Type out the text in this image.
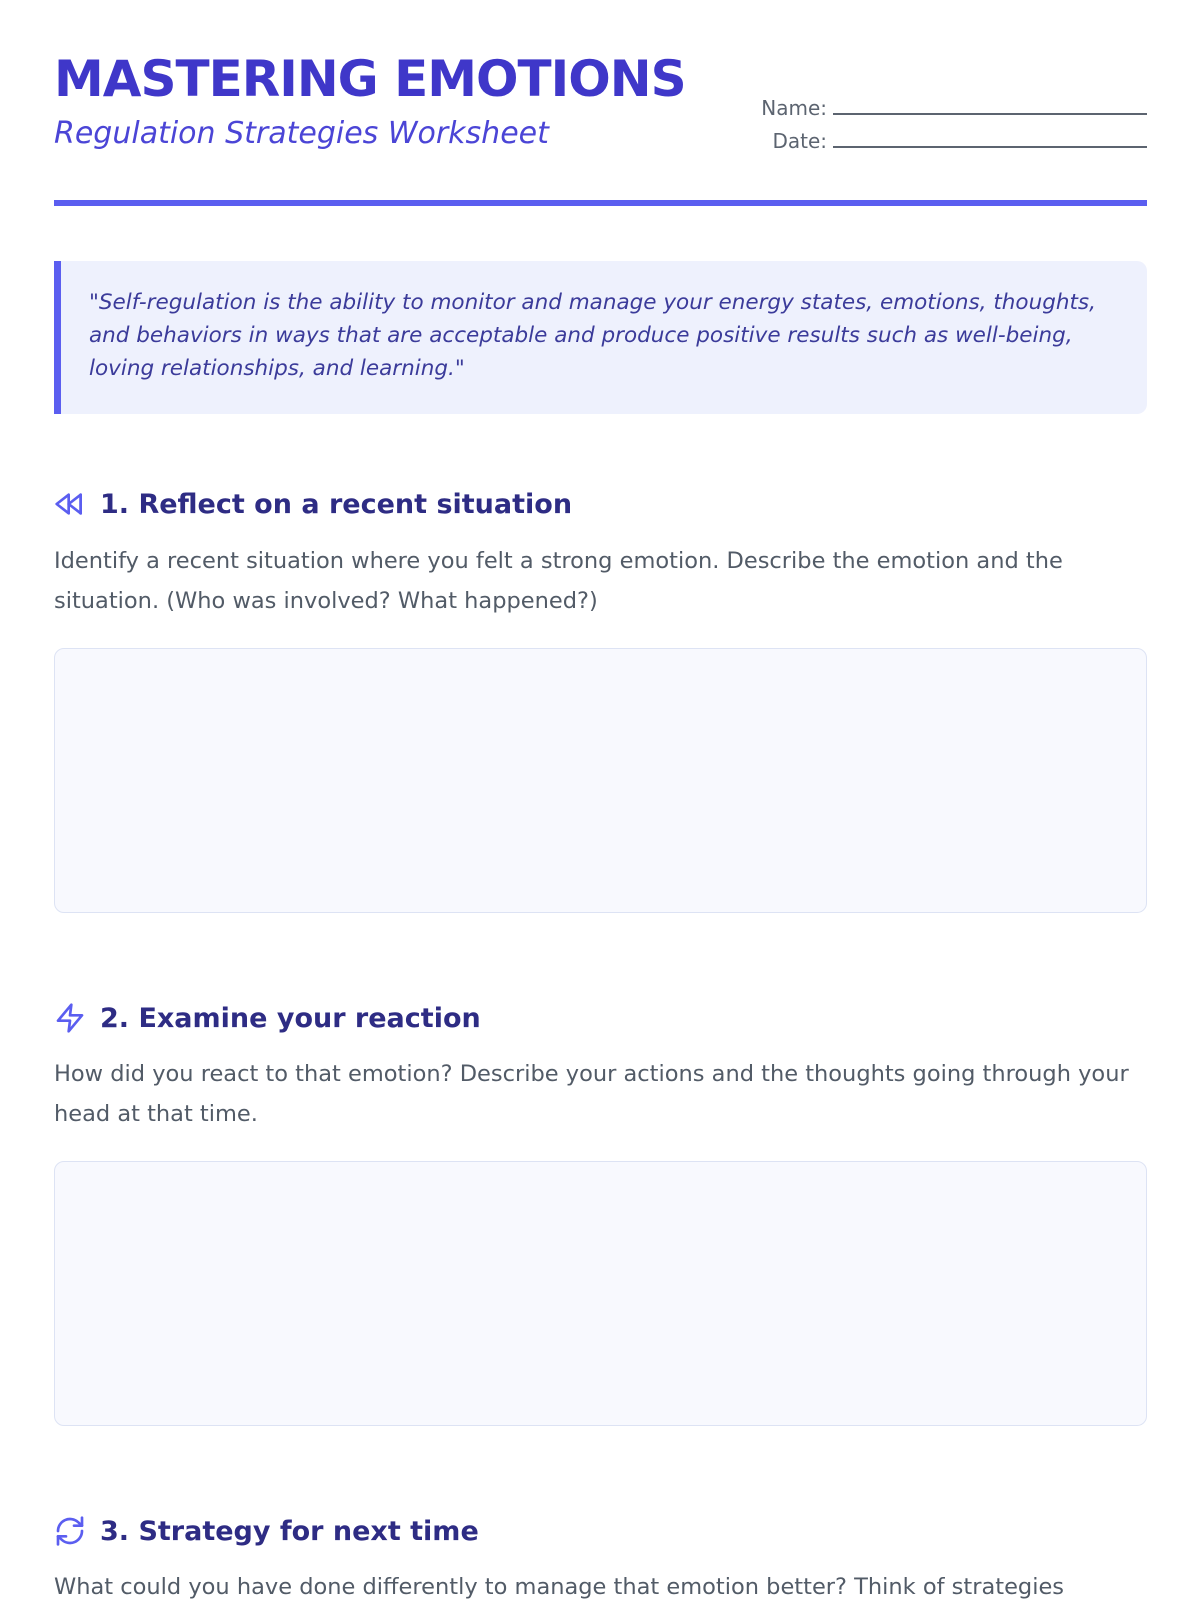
MASTERING EMOTIONS
Regulation Strategies Worksheet
Name:
Date:
"Self-regulation is the ability to monitor and manage your energy states, emotions, thoughts, and behaviors in ways that are acceptable and produce positive results such as well-being, loving relationships, and learning."
1. Reflect on a recent situation

Identify a recent situation where you felt a strong emotion. Describe the emotion and the situation. (Who was involved? What happened?)

2. Examine your reaction

How did you react to that emotion? Describe your actions and the thoughts going through your head at that time.

3. Strategy for next time

What could you have done differently to manage that emotion better? Think of strategies
